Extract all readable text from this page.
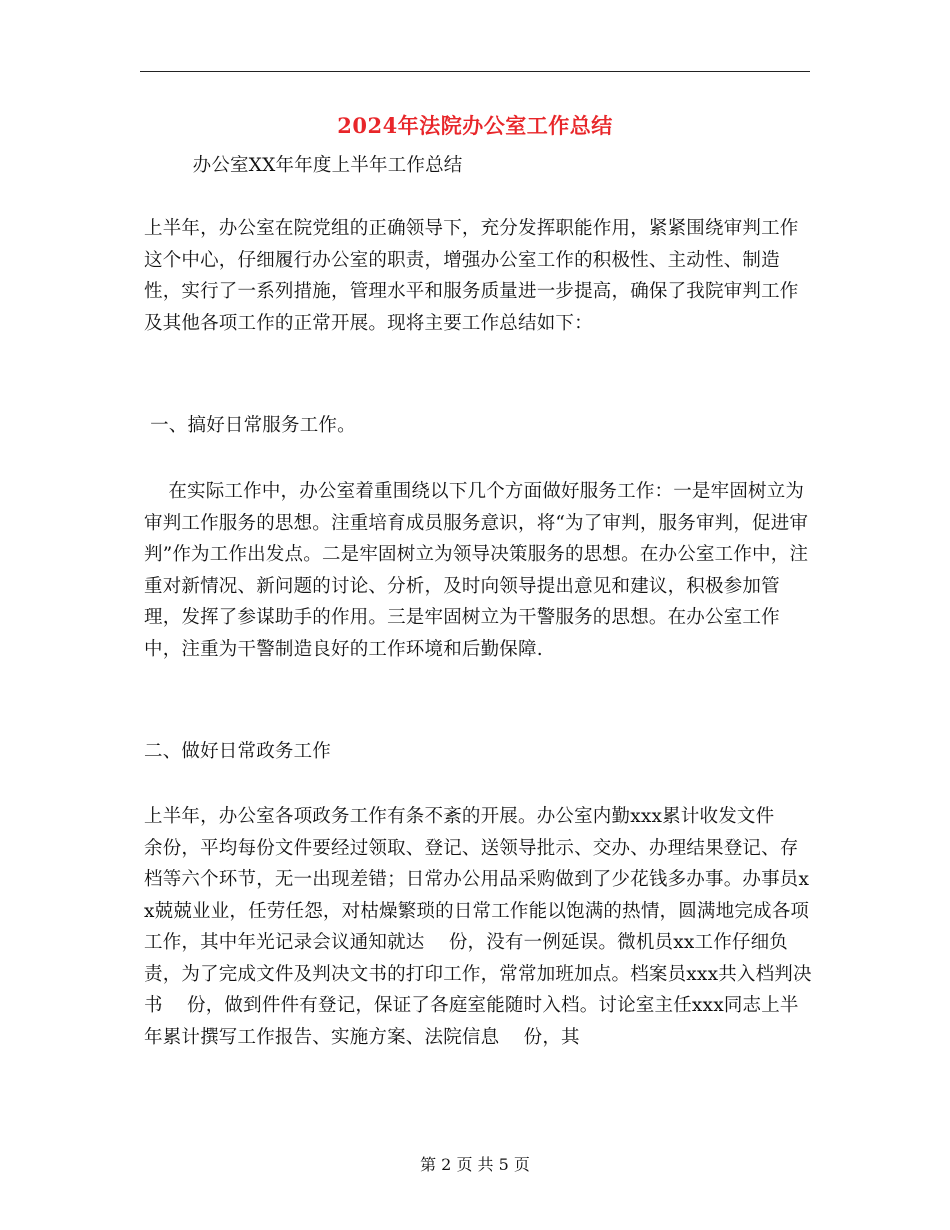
2024年法院办公室工作总结
办公室XX年年度上半年工作总结
上半年，办公室在院党组的正确领导下，充分发挥职能作用，紧紧围绕审判工作这个中心，仔细履行办公室的职责，增强办公室工作的积极性、主动性、制造性，实行了一系列措施，管理水平和服务质量进一步提高，确保了我院审判工作及其他各项工作的正常开展。现将主要工作总结如下：
一、搞好日常服务工作。
在实际工作中，办公室着重围绕以下几个方面做好服务工作：一是牢固树立为审判工作服务的思想。注重培育成员服务意识，将“为了审判，服务审判，促进审判”作为工作出发点。二是牢固树立为领导决策服务的思想。在办公室工作中，注重对新情况、新问题的讨论、分析，及时向领导提出意见和建议，积极参加管理，发挥了参谋助手的作用。三是牢固树立为干警服务的思想。在办公室工作中，注重为干警制造良好的工作环境和后勤保障.
二、做好日常政务工作
上半年，办公室各项政务工作有条不紊的开展。办公室内勤xxx累计收发文件    余份，平均每份文件要经过领取、登记、送领导批示、交办、办理结果登记、存档等六个环节，无一出现差错；日常办公用品采购做到了少花钱多办事。办事员xx兢兢业业，任劳任怨，对枯燥繁琐的日常工作能以饱满的热情，圆满地完成各项工作，其中年光记录会议通知就达    份，没有一例延误。微机员xx工作仔细负责，为了完成文件及判决文书的打印工作，常常加班加点。档案员xxx共入档判决书    份，做到件件有登记，保证了各庭室能随时入档。讨论室主任xxx同志上半年累计撰写工作报告、实施方案、法院信息    份，其
第 2 页 共 5 页
